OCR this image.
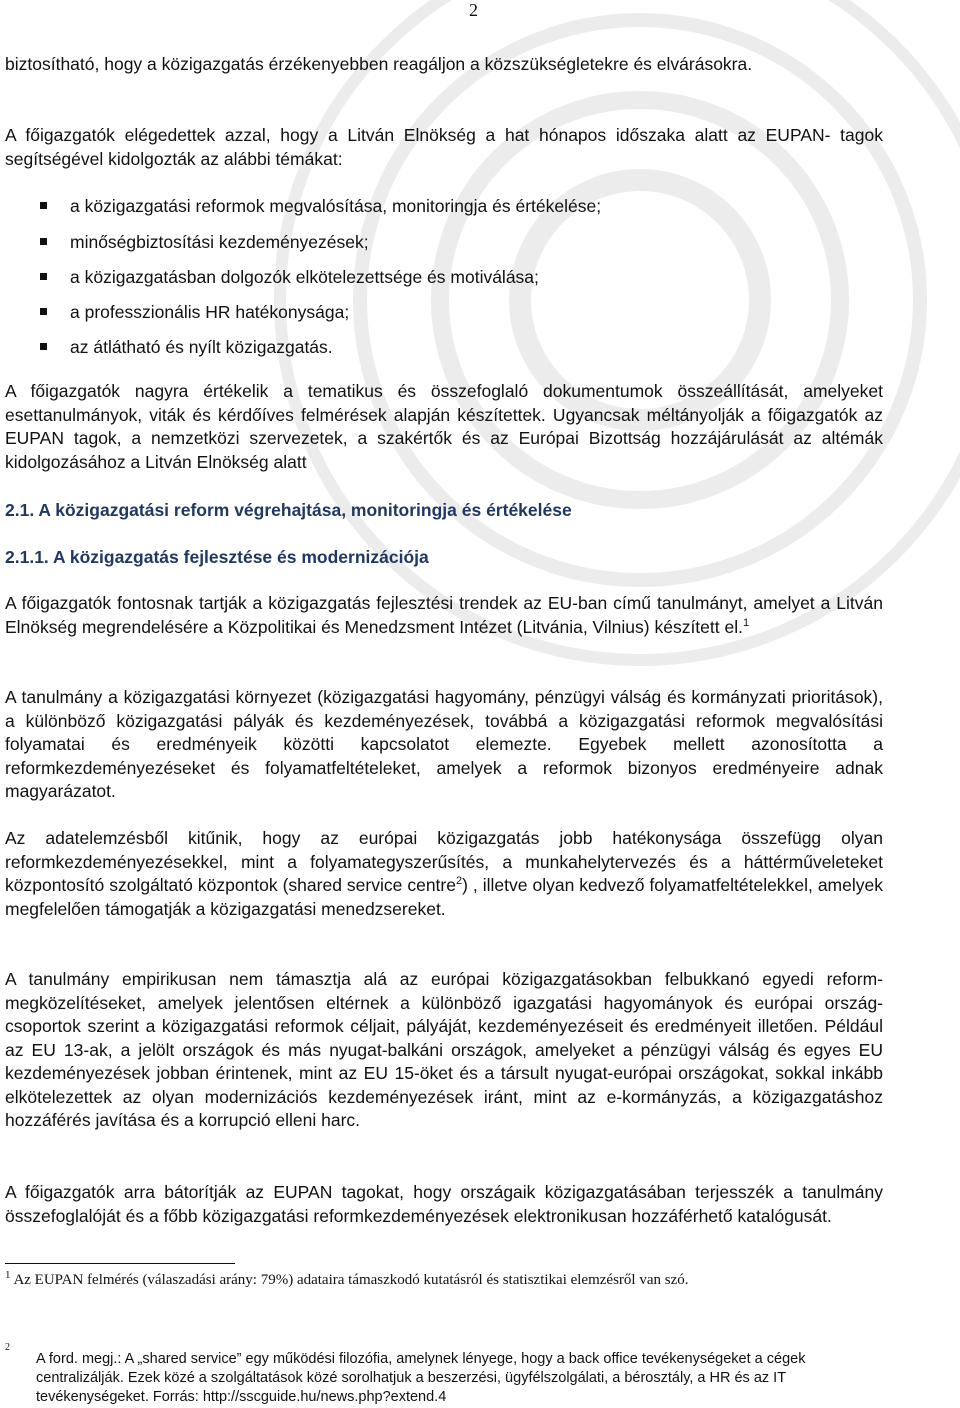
2

biztosítható, hogy a közigazgatás érzékenyebben reagáljon a közszükségletekre és elvárásokra.

A főigazgatók elégedettek azzal, hogy a Litván Elnökség a hat hónapos időszaka alatt az EUPAN- tagok segítségével kidolgozták az alábbi témákat:

a közigazgatási reformok megvalósítása, monitoringja és értékelése;
minőségbiztosítási kezdeményezések;
a közigazgatásban dolgozók elkötelezettsége és motiválása;
a professzionális HR hatékonysága;
az átlátható és nyílt közigazgatás.

A főigazgatók nagyra értékelik a tematikus és összefoglaló dokumentumok összeállítását, amelyeket esettanulmányok, viták és kérdőíves felmérések alapján készítettek. Ugyancsak méltányolják a főigazgatók az EUPAN tagok, a nemzetközi szervezetek, a szakértők és az Európai Bizottság hozzájárulását az altémák kidolgozásához a Litván Elnökség alatt

2.1. A közigazgatási reform végrehajtása, monitoringja és értékelése
2.1.1. A közigazgatás fejlesztése és modernizációja

A főigazgatók fontosnak tartják a közigazgatás fejlesztési trendek az EU-ban című tanulmányt, amelyet a Litván Elnökség megrendelésére a Közpolitikai és Menedzsment Intézet (Litvánia, Vilnius) készített el.$^1$

A tanulmány a közigazgatási környezet (közigazgatási hagyomány, pénzügyi válság és kormányzati prioritások), a különböző közigazgatási pályák és kezdeményezések, továbbá a közigazgatási reformok megvalósítási folyamatai és eredményeik közötti kapcsolatot elemezte. Egyebek mellett azonosította a reformkezdeményezéseket és folyamatfeltételeket, amelyek a reformok bizonyos eredményeire adnak magyarázatot.

Az adatelemzésből kitűnik, hogy az európai közigazgatás jobb hatékonysága összefügg olyan reformkezdeményezésekkel, mint a folyamategyszerűsítés, a munkahelytervezés és a háttérműveleteket központosító szolgáltató központok (shared service centre$^2$) , illetve olyan kedvező folyamatfeltételekkel, amelyek megfelelően támogatják a közigazgatási menedzsereket.

A tanulmány empirikusan nem támasztja alá az európai közigazgatásokban felbukkanó egyedi reform-megközelítéseket, amelyek jelentősen eltérnek a különböző igazgatási hagyományok és európai ország-csoportok szerint a közigazgatási reformok céljait, pályáját, kezdeményezéseit és eredményeit illetően. Például az EU 13-ak, a jelölt országok és más nyugat-balkáni országok, amelyeket a pénzügyi válság és egyes EU kezdeményezések jobban érintenek, mint az EU 15-öket és a társult nyugat-európai országokat, sokkal inkább elkötelezettek az olyan modernizációs kezdeményezések iránt, mint az e-kormányzás, a közigazgatáshoz hozzáférés javítása és a korrupció elleni harc.

A főigazgatók arra bátorítják az EUPAN tagokat, hogy országaik közigazgatásában terjesszék a tanulmány összefoglalóját és a főbb közigazgatási reformkezdeményezések elektronikusan hozzáférhető katalógusát.

$^1$ Az EUPAN felmérés (válaszadási arány: 79%) adataira támaszkodó kutatásról és statisztikai elemzésről van szó.
2

A ford. megj.: A „shared service” egy működési filozófia, amelynek lényege, hogy a back office tevékenységeket a cégek centralizálják. Ezek közé a szolgáltatások közé sorolhatjuk a beszerzési, ügyfélszolgálati, a bérosztály, a HR és az IT tevékenységeket. Forrás: http://sscguide.hu/news.php?extend.4
